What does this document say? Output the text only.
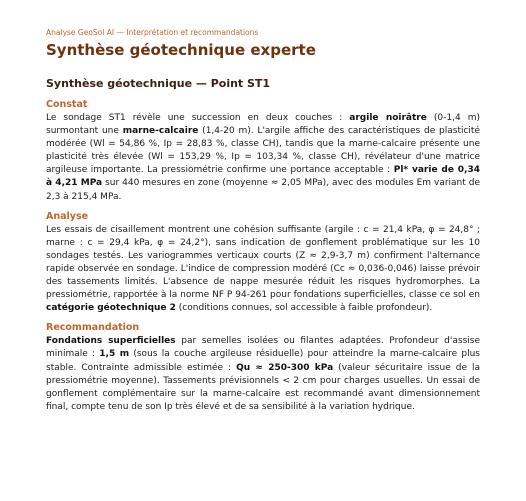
Analyse GeoSol AI — Interprétation et recommandations
Synthèse géotechnique experte
Synthèse géotechnique — Point ST1
Constat

Le sondage ST1 révèle une succession en deux couches : argile noirâtre (0-1,4 m) surmontant une marne-calcaire (1,4-20 m). L'argile affiche des caractéristiques de plasticité modérée (Wl = 54,86 %, Ip = 28,83 %, classe CH), tandis que la marne-calcaire présente une plasticité très élevée (Wl = 153,29 %, Ip = 103,34 %, classe CH), révélateur d'une matrice argileuse importante. La pressiométrie confirme une portance acceptable : Pl* varie de 0,34 à 4,21 MPa sur 440 mesures en zone (moyenne ≈ 2,05 MPa), avec des modules Em variant de 2,3 à 215,4 MPa.

Analyse

Les essais de cisaillement montrent une cohésion suffisante (argile : c = 21,4 kPa, φ = 24,8° ; marne : c = 29,4 kPa, φ = 24,2°), sans indication de gonflement problématique sur les 10 sondages testés. Les variogrammes verticaux courts (Z ≈ 2,9-3,7 m) confirment l'alternance rapide observée en sondage. L'indice de compression modéré (Cc ≈ 0,036-0,046) laisse prévoir des tassements limités. L'absence de nappe mesurée réduit les risques hydromorphes. La pressiométrie, rapportée à la norme NF P 94-261 pour fondations superficielles, classe ce sol en catégorie géotechnique 2 (conditions connues, sol accessible à faible profondeur).

Recommandation

Fondations superficielles par semelles isolées ou filantes adaptées. Profondeur d'assise minimale : 1,5 m (sous la couche argileuse résiduelle) pour atteindre la marne-calcaire plus stable. Contrainte admissible estimée : Qu ≈ 250-300 kPa (valeur sécuritaire issue de la pressiométrie moyenne). Tassements prévisionnels < 2 cm pour charges usuelles. Un essai de gonflement complémentaire sur la marne-calcaire est recommandé avant dimensionnement final, compte tenu de son Ip très élevé et de sa sensibilité à la variation hydrique.
